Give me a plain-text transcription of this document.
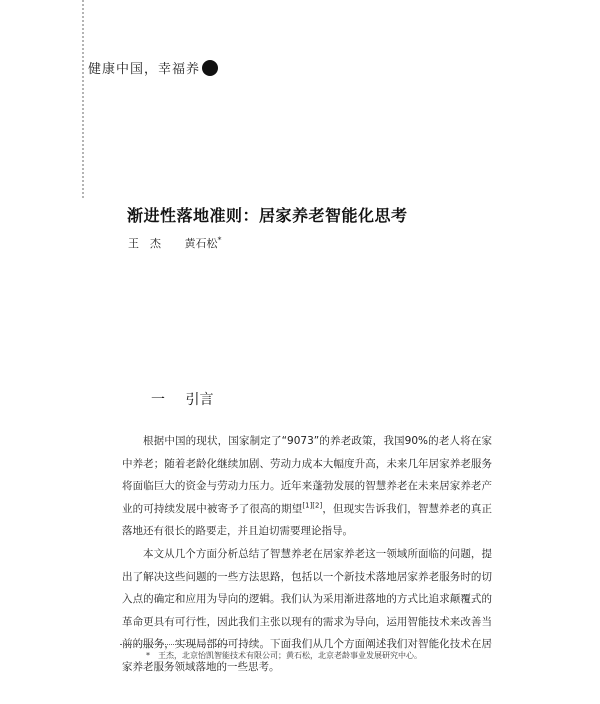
健康中国，幸福养
渐进性落地准则：居家养老智能化思考
王　杰 黄石松*
一 引言

根据中国的现状，国家制定了“9073”的养老政策，我国90%的老人将在家中养老；随着老龄化继续加剧、劳动力成本大幅度升高，未来几年居家养老服务将面临巨大的资金与劳动力压力。近年来蓬勃发展的智慧养老在未来居家养老产业的可持续发展中被寄予了很高的期望[1][2]，但现实告诉我们，智慧养老的真正落地还有很长的路要走，并且迫切需要理论指导。

本文从几个方面分析总结了智慧养老在居家养老这一领域所面临的问题，提出了解决这些问题的一些方法思路，包括以一个新技术落地居家养老服务时的切入点的确定和应用为导向的逻辑。我们认为采用渐进落地的方式比追求颠覆式的革命更具有可行性，因此我们主张以现有的需求为导向，运用智能技术来改善当前的服务，实现局部的可持续。下面我们从几个方面阐述我们对智能化技术在居家养老服务领域落地的一些思考。

* 王杰，北京怡凯智能技术有限公司；黄石松，北京老龄事业发展研究中心。
